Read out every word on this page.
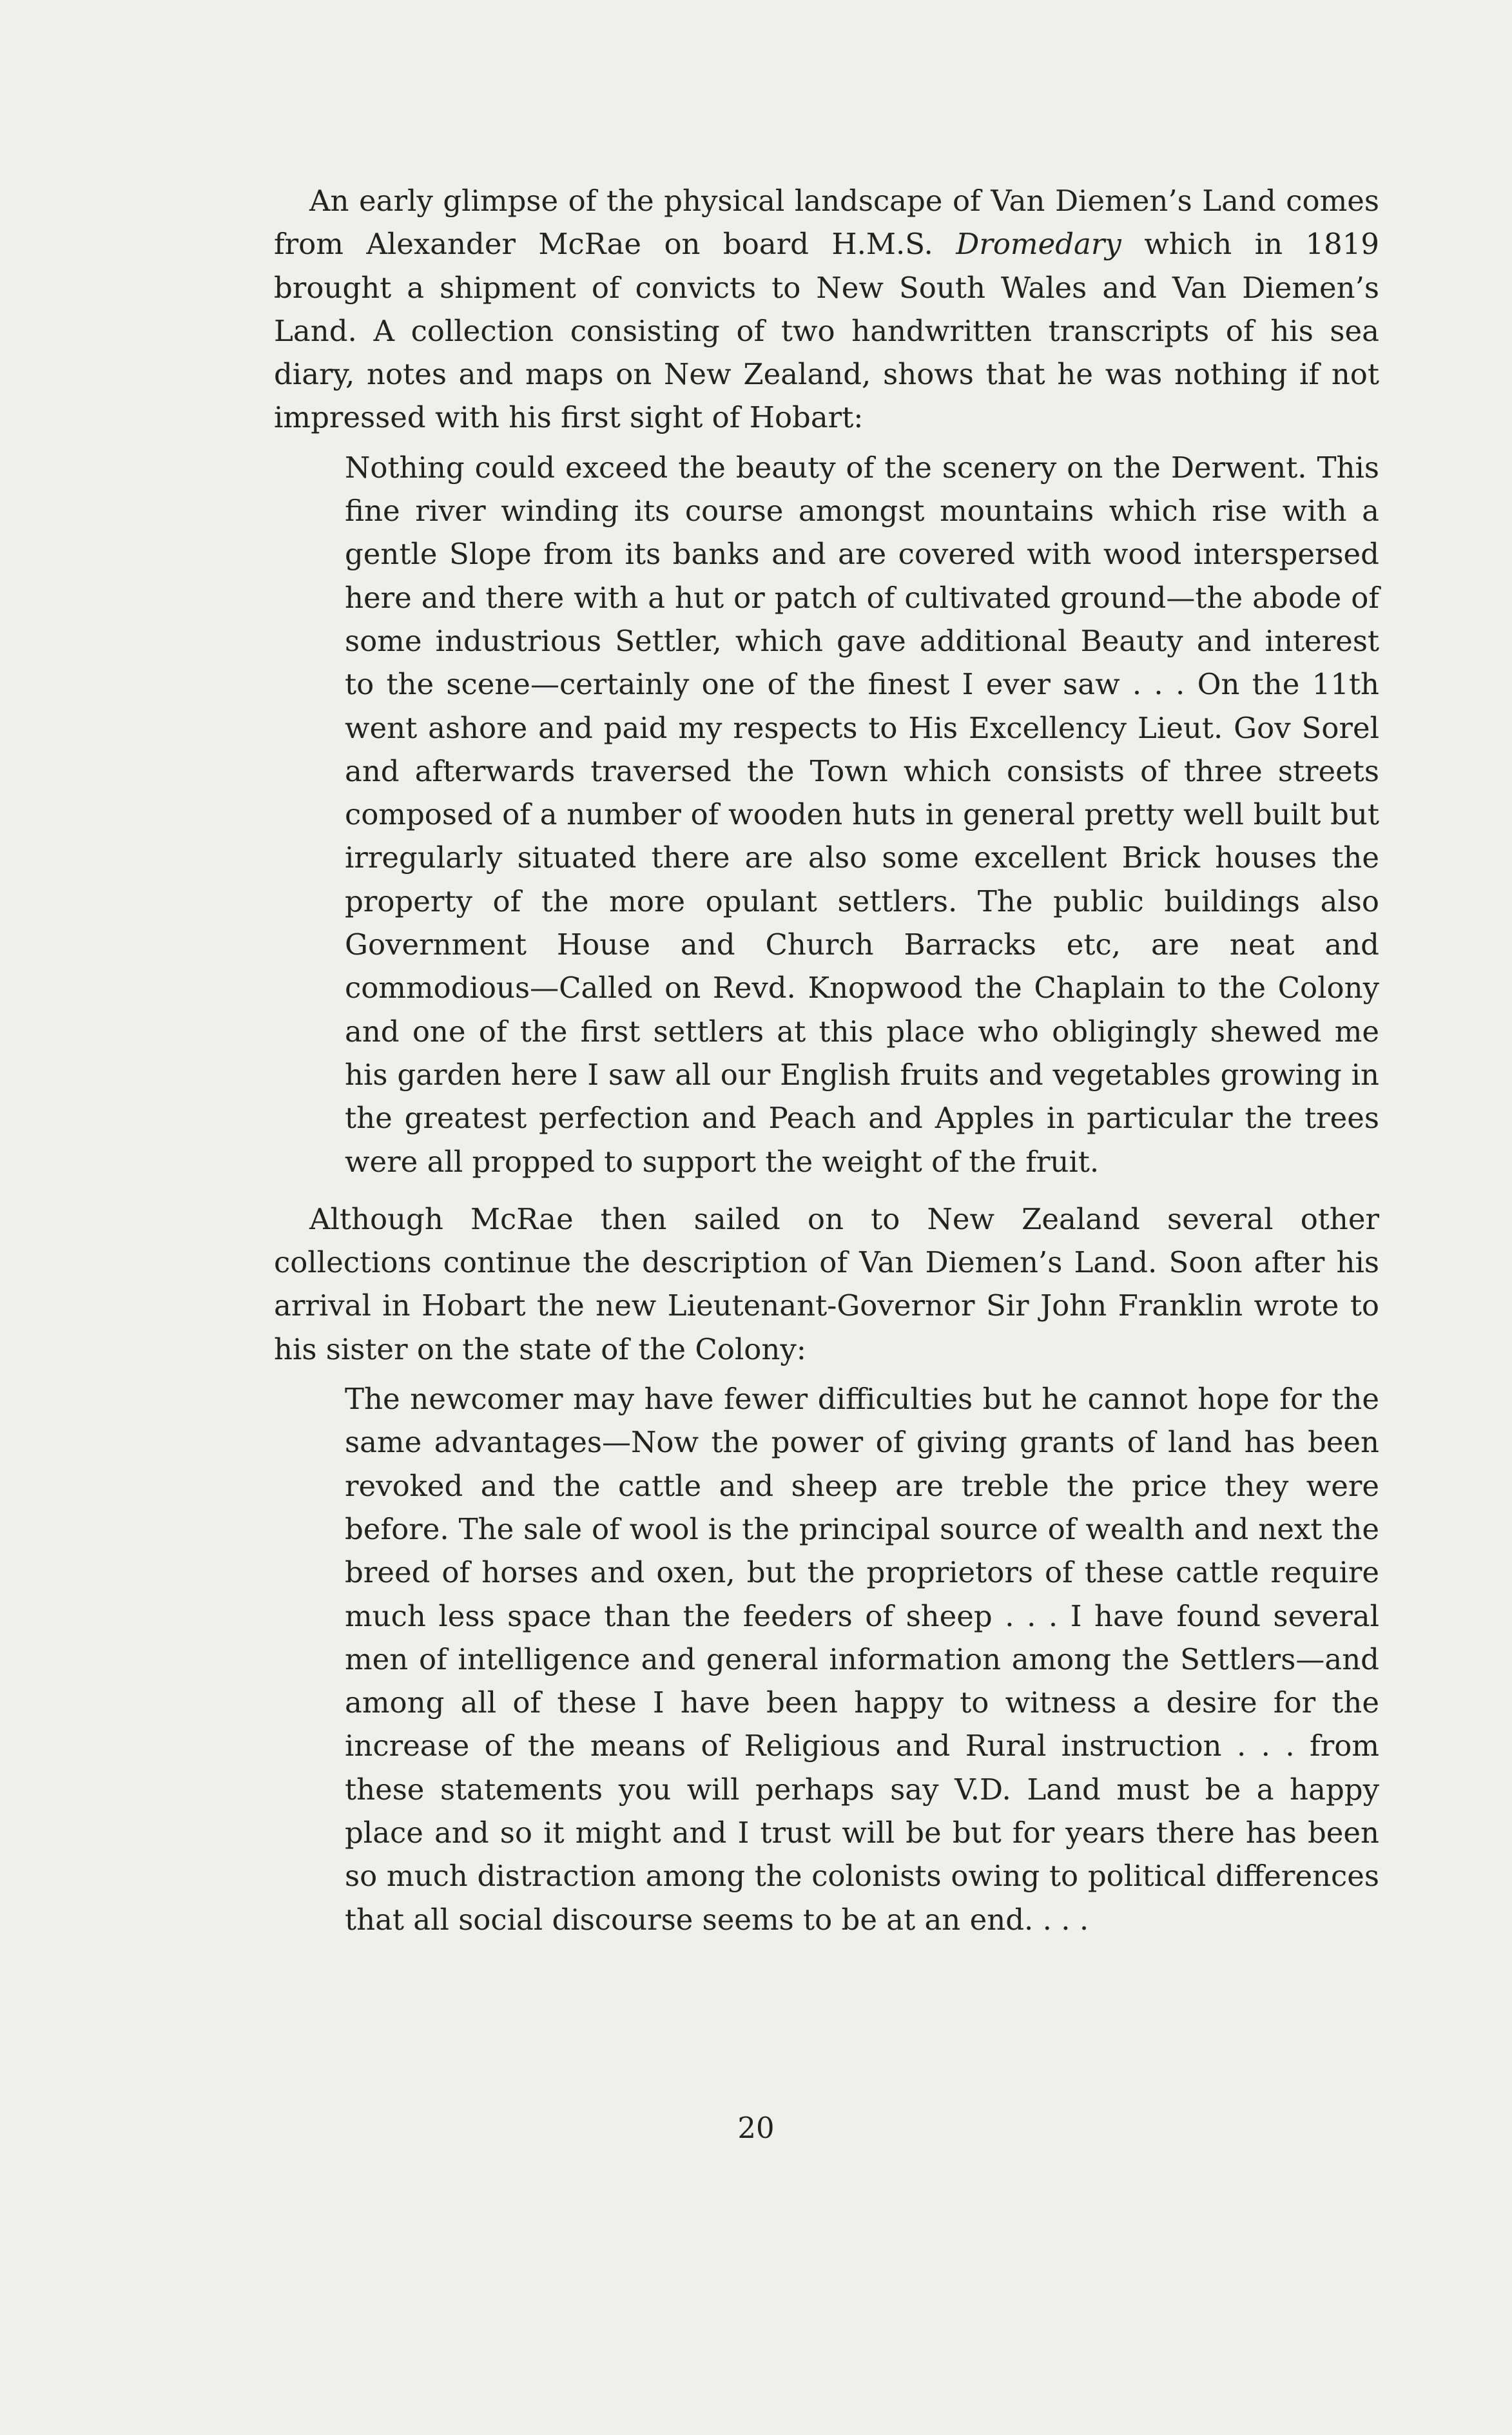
An early glimpse of the physical landscape of Van Diemen’s Land comes from Alexander McRae on board H.M.S. Dromedary which in 1819 brought a shipment of convicts to New South Wales and Van Diemen’s Land. A collection consisting of two handwritten transcripts of his sea diary, notes and maps on New Zealand, shows that he was nothing if not impressed with his first sight of Hobart:

Nothing could exceed the beauty of the scenery on the Derwent. This fine river winding its course amongst mountains which rise with a gentle Slope from its banks and are covered with wood interspersed here and there with a hut or patch of cultivated ground—the abode of some industrious Settler, which gave additional Beauty and interest to the scene—certainly one of the finest I ever saw . . . On the 11th went ashore and paid my respects to His Excellency Lieut. Gov Sorel and afterwards traversed the Town which consists of three streets composed of a number of wooden huts in general pretty well built but irregularly situated there are also some excellent Brick houses the property of the more opulant settlers. The public buildings also Government House and Church Barracks etc, are neat and commodious—Called on Revd. Knopwood the Chaplain to the Colony and one of the first settlers at this place who obligingly shewed me his garden here I saw all our English fruits and vegetables growing in the greatest perfection and Peach and Apples in particular the trees were all propped to support the weight of the fruit.

Although McRae then sailed on to New Zealand several other collections continue the description of Van Diemen’s Land. Soon after his arrival in Hobart the new Lieutenant-Governor Sir John Franklin wrote to his sister on the state of the Colony:

The newcomer may have fewer difficulties but he cannot hope for the same advantages—Now the power of giving grants of land has been revoked and the cattle and sheep are treble the price they were before. The sale of wool is the principal source of wealth and next the breed of horses and oxen, but the proprietors of these cattle require much less space than the feeders of sheep . . . I have found several men of intelligence and general information among the Settlers—and among all of these I have been happy to witness a desire for the increase of the means of Religious and Rural instruction . . . from these statements you will perhaps say V.D. Land must be a happy place and so it might and I trust will be but for years there has been so much distraction among the colonists owing to political differences that all social discourse seems to be at an end. . . .

20
